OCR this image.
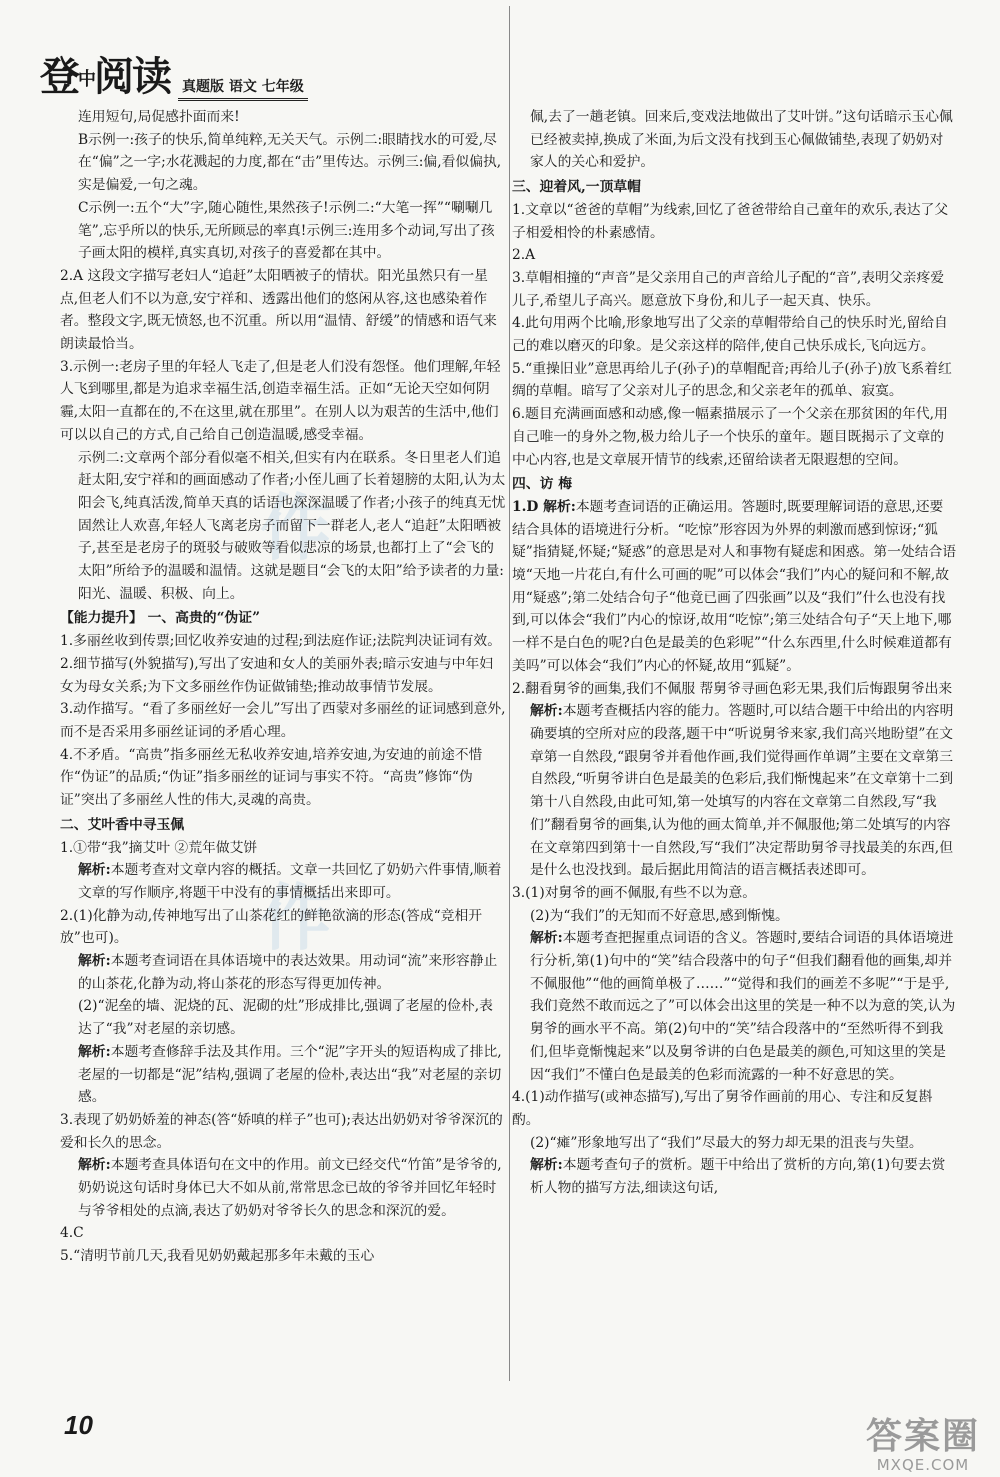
登中阅读 真题版 语文 七年级
作
作

连用短句,局促感扑面而来!

B示例一:孩子的快乐,简单纯粹,无关天气。示例二:眼睛找水的可爱,尽在“偏”之一字;水花溅起的力度,都在“击”里传达。示例三:偏,看似偏执,实是偏爱,一句之魂。

C示例一:五个“大”字,随心随性,果然孩子!示例二:“大笔一挥”“唰唰几笔”,忘乎所以的快乐,无所顾忌的率真!示例三:连用多个动词,写出了孩子画太阳的模样,真实真切,对孩子的喜爱都在其中。

2.A 这段文字描写老妇人“追赶”太阳晒被子的情状。阳光虽然只有一星点,但老人们不以为意,安宁祥和、透露出他们的悠闲从容,这也感染着作者。整段文字,既无愤怒,也不沉重。所以用“温情、舒缓”的情感和语气来朗读最恰当。

3.示例一:老房子里的年轻人飞走了,但是老人们没有怨怪。他们理解,年轻人飞到哪里,都是为追求幸福生活,创造幸福生活。正如“无论天空如何阴霾,太阳一直都在的,不在这里,就在那里”。在别人以为艰苦的生活中,他们可以以自己的方式,自己给自己创造温暖,感受幸福。

示例二:文章两个部分看似毫不相关,但实有内在联系。冬日里老人们追赶太阳,安宁祥和的画面感动了作者;小侄儿画了长着翅膀的太阳,认为太阳会飞,纯真活泼,简单天真的话语也深深温暖了作者;小孩子的纯真无忧固然让人欢喜,年轻人飞离老房子而留下一群老人,老人“追赶”太阳晒被子,甚至是老房子的斑驳与破败等看似悲凉的场景,也都打上了“会飞的太阳”所给予的温暖和温情。这就是题目“会飞的太阳”给予读者的力量:阳光、温暖、积极、向上。

【能力提升】 一、高贵的“伪证”

1.多丽丝收到传票;回忆收养安迪的过程;到法庭作证;法院判决证词有效。

2.细节描写(外貌描写),写出了安迪和女人的美丽外表;暗示安迪与中年妇女为母女关系;为下文多丽丝作伪证做铺垫;推动故事情节发展。

3.动作描写。“看了多丽丝好一会儿”写出了西蒙对多丽丝的证词感到意外,而不是否采用多丽丝证词的矛盾心理。

4.不矛盾。“高贵”指多丽丝无私收养安迪,培养安迪,为安迪的前途不惜作“伪证”的品质;“伪证”指多丽丝的证词与事实不符。“高贵”修饰“伪证”突出了多丽丝人性的伟大,灵魂的高贵。

二、艾叶香中寻玉佩

1.①带“我”摘艾叶 ②荒年做艾饼

解析:本题考查对文章内容的概括。文章一共回忆了奶奶六件事情,顺着文章的写作顺序,将题干中没有的事情概括出来即可。

2.(1)化静为动,传神地写出了山茶花红的鲜艳欲滴的形态(答成“竞相开放”也可)。

解析:本题考查词语在具体语境中的表达效果。用动词“流”来形容静止的山茶花,化静为动,将山茶花的形态写得更加传神。

(2)“泥垒的墙、泥烧的瓦、泥砌的灶”形成排比,强调了老屋的俭朴,表达了“我”对老屋的亲切感。

解析:本题考查修辞手法及其作用。三个“泥”字开头的短语构成了排比,老屋的一切都是“泥”结构,强调了老屋的俭朴,表达出“我”对老屋的亲切感。

3.表现了奶奶娇羞的神态(答“娇嗔的样子”也可);表达出奶奶对爷爷深沉的爱和长久的思念。

解析:本题考查具体语句在文中的作用。前文已经交代“竹笛”是爷爷的,奶奶说这句话时身体已大不如从前,常常思念已故的爷爷并回忆年轻时与爷爷相处的点滴,表达了奶奶对爷爷长久的思念和深沉的爱。

4.C

5.“清明节前几天,我看见奶奶戴起那多年未戴的玉心

佩,去了一趟老镇。回来后,变戏法地做出了艾叶饼。”这句话暗示玉心佩已经被卖掉,换成了米面,为后文没有找到玉心佩做铺垫,表现了奶奶对家人的关心和爱护。

三、迎着风,一顶草帽

1.文章以“爸爸的草帽”为线索,回忆了爸爸带给自己童年的欢乐,表达了父子相爱相怜的朴素感情。

2.A

3.草帽相撞的“声音”是父亲用自己的声音给儿子配的“音”,表明父亲疼爱儿子,希望儿子高兴。愿意放下身份,和儿子一起天真、快乐。

4.此句用两个比喻,形象地写出了父亲的草帽带给自己的快乐时光,留给自己的难以磨灭的印象。是父亲这样的陪伴,使自己快乐成长,飞向远方。

5.“重操旧业”意思再给儿子(孙子)的草帽配音;再给儿子(孙子)放飞系着红绸的草帽。暗写了父亲对儿子的思念,和父亲老年的孤单、寂寞。

6.题目充满画面感和动感,像一幅素描展示了一个父亲在那贫困的年代,用自己唯一的身外之物,极力给儿子一个快乐的童年。题目既揭示了文章的中心内容,也是文章展开情节的线索,还留给读者无限遐想的空间。

四、访 梅

1.D 解析:本题考查词语的正确运用。答题时,既要理解词语的意思,还要结合具体的语境进行分析。“吃惊”形容因为外界的刺激而感到惊讶;“狐疑”指猜疑,怀疑;“疑惑”的意思是对人和事物有疑虑和困惑。第一处结合语境“天地一片花白,有什么可画的呢”可以体会“我们”内心的疑问和不解,故用“疑惑”;第二处结合句子“他竟已画了四张画”以及“我们”什么也没有找到,可以体会“我们”内心的惊讶,故用“吃惊”;第三处结合句子“天上地下,哪一样不是白色的呢?白色是最美的色彩呢”“什么东西里,什么时候难道都有美吗”可以体会“我们”内心的怀疑,故用“狐疑”。

2.翻看舅爷的画集,我们不佩服 帮舅爷寻画色彩无果,我们后悔跟舅爷出来

解析:本题考查概括内容的能力。答题时,可以结合题干中给出的内容明确要填的空所对应的段落,题干中“听说舅爷来家,我们高兴地盼望”在文章第一自然段,“跟舅爷并看他作画,我们觉得画作单调”主要在文章第三自然段,“听舅爷讲白色是最美的色彩后,我们惭愧起来”在文章第十二到第十八自然段,由此可知,第一处填写的内容在文章第二自然段,写“我们”翻看舅爷的画集,认为他的画太简单,并不佩服他;第二处填写的内容在文章第四到第十一自然段,写“我们”决定帮助舅爷寻找最美的东西,但是什么也没找到。最后据此用简洁的语言概括表述即可。

3.(1)对舅爷的画不佩服,有些不以为意。

(2)为“我们”的无知而不好意思,感到惭愧。

解析:本题考查把握重点词语的含义。答题时,要结合词语的具体语境进行分析,第(1)句中的“笑”结合段落中的句子“但我们翻看他的画集,却并不佩服他”“他的画简单极了……”“觉得和我们的画差不多呢”“于是乎,我们竟然不敢而远之了”可以体会出这里的笑是一种不以为意的笑,认为舅爷的画水平不高。第(2)句中的“笑”结合段落中的“至然听得不到我们,但毕竟惭愧起来”以及舅爷讲的白色是最美的颜色,可知这里的笑是因“我们”不懂白色是最美的色彩而流露的一种不好意思的笑。

4.(1)动作描写(或神态描写),写出了舅爷作画前的用心、专注和反复斟酌。

(2)“瘫”形象地写出了“我们”尽最大的努力却无果的沮丧与失望。

解析:本题考查句子的赏析。题干中给出了赏析的方向,第(1)句要去赏析人物的描写方法,细读这句话,

10	答案圈
MXQE.COM
